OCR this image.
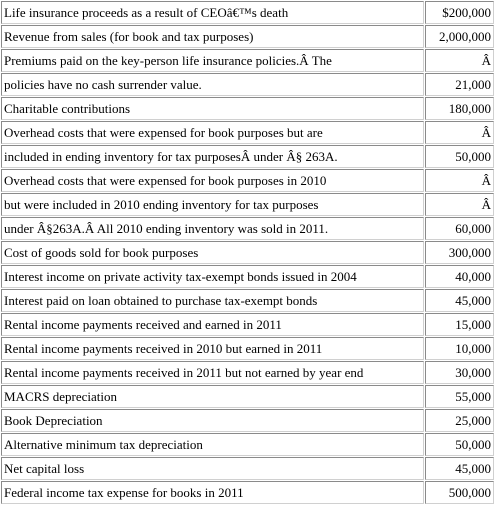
Life insurance proceeds as a result of CEOâ€™s death	$200,000
Revenue from sales (for book and tax purposes)	2,000,000
Premiums paid on the key-person life insurance policies.Â The	Â
policies have no cash surrender value.	21,000
Charitable contributions	180,000
Overhead costs that were expensed for book purposes but are	Â
included in ending inventory for tax purposesÂ under Â§ 263A.	50,000
Overhead costs that were expensed for book purposes in 2010	Â
but were included in 2010 ending inventory for tax purposes	Â
under Â§263A.Â All 2010 ending inventory was sold in 2011.	60,000
Cost of goods sold for book purposes	300,000
Interest income on private activity tax-exempt bonds issued in 2004	40,000
Interest paid on loan obtained to purchase tax-exempt bonds	45,000
Rental income payments received and earned in 2011	15,000
Rental income payments received in 2010 but earned in 2011	10,000
Rental income payments received in 2011 but not earned by year end	30,000
MACRS depreciation	55,000
Book Depreciation	25,000
Alternative minimum tax depreciation	50,000
Net capital loss	45,000
Federal income tax expense for books in 2011	500,000
